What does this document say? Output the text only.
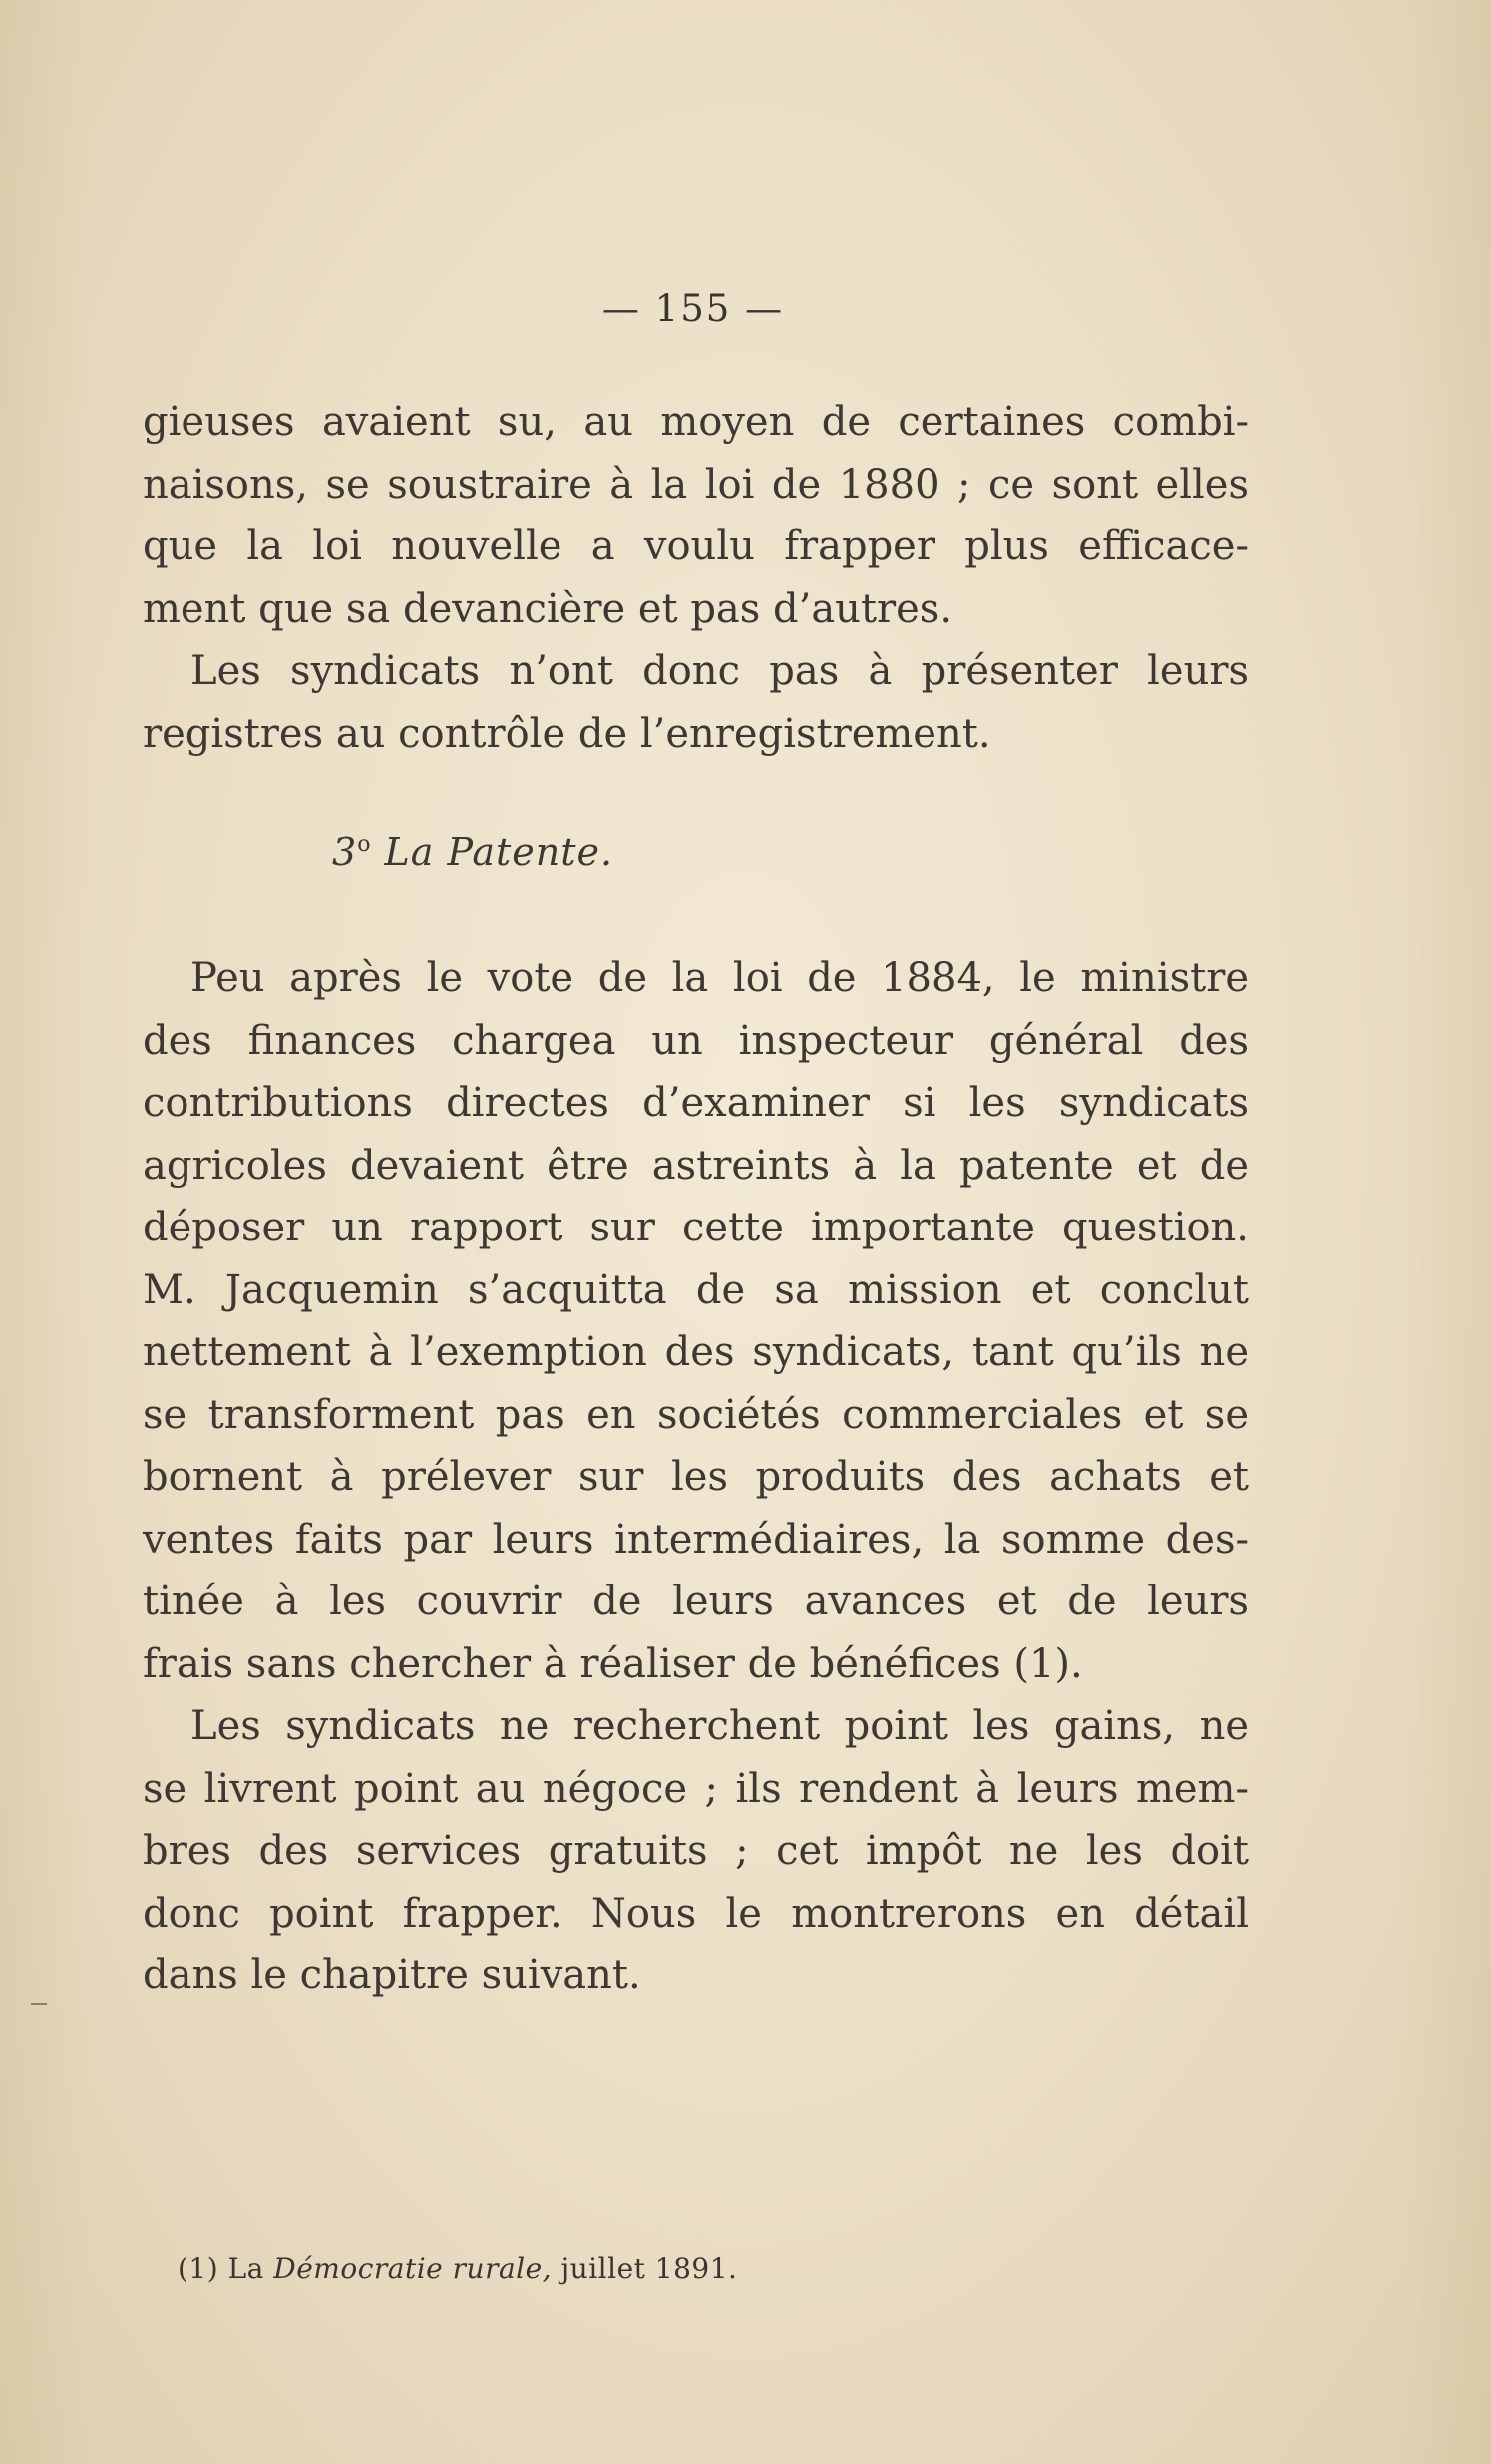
— 155 —

gieuses avaient su, au moyen de certaines combi-

naisons, se soustraire à la loi de 1880 ; ce sont elles

que la loi nouvelle a voulu frapper plus efficace-

ment que sa devancière et pas d’autres.

Les syndicats n’ont donc pas à présenter leurs

registres au contrôle de l’enregistrement.

3$^o$ La Patente.

Peu après le vote de la loi de 1884, le ministre

des finances chargea un inspecteur général des

contributions directes d’examiner si les syndicats

agricoles devaient être astreints à la patente et de

déposer un rapport sur cette importante question.

M. Jacquemin s’acquitta de sa mission et conclut

nettement à l’exemption des syndicats, tant qu’ils ne

se transforment pas en sociétés commerciales et se

bornent à prélever sur les produits des achats et

ventes faits par leurs intermédiaires, la somme des-

tinée à les couvrir de leurs avances et de leurs

frais sans chercher à réaliser de bénéfices (1).

Les syndicats ne recherchent point les gains, ne

se livrent point au négoce ; ils rendent à leurs mem-

bres des services gratuits ; cet impôt ne les doit

donc point frapper. Nous le montrerons en détail

dans le chapitre suivant.

(1) La Démocratie rurale, juillet 1891.
